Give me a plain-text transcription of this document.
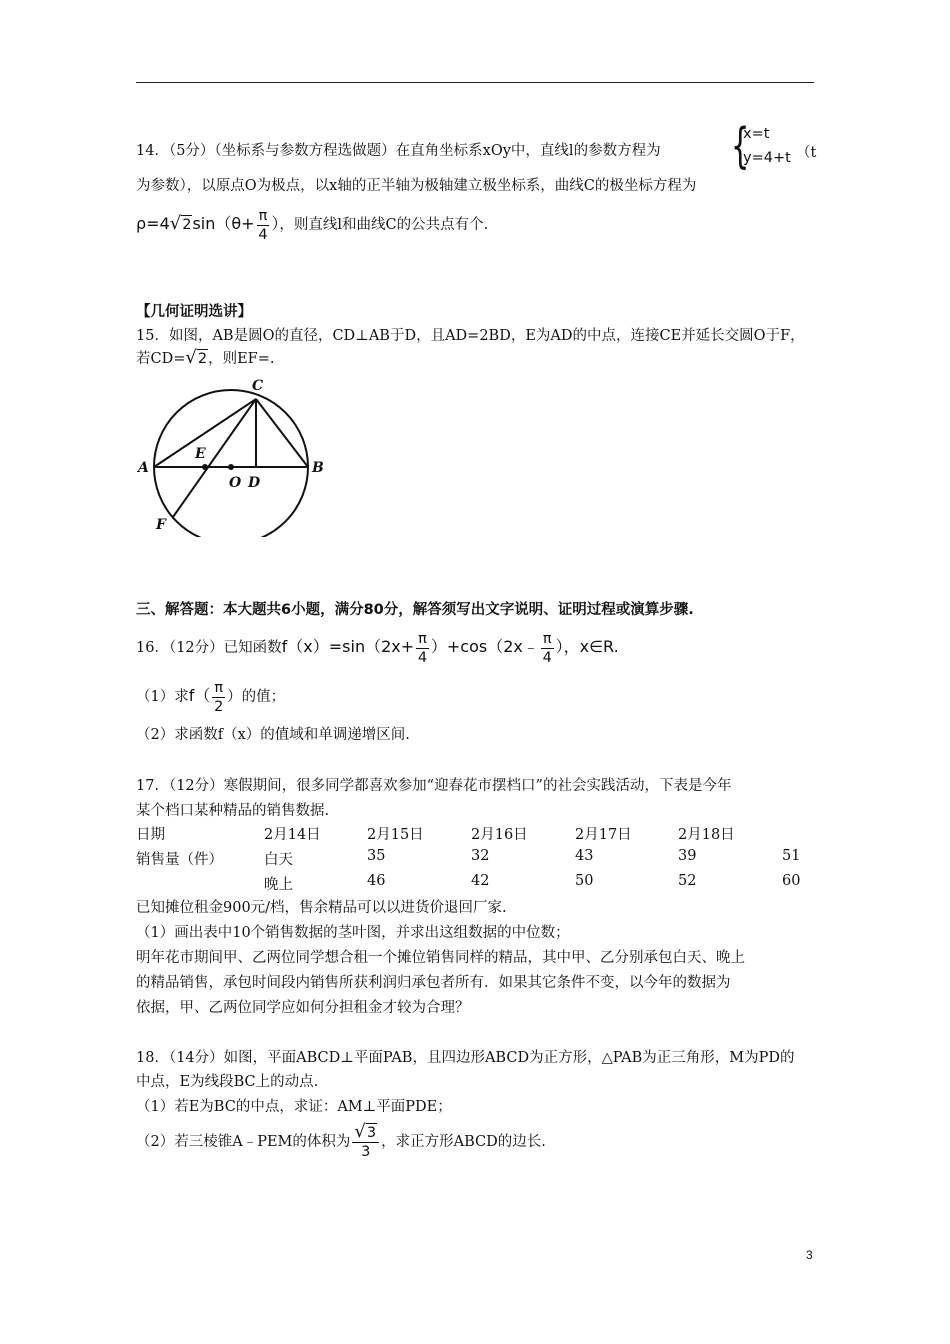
14．（5分）（坐标系与参数方程选做题）在直角坐标系xOy中，直线l的参数方程为 {
x=t
y=4+t （t
为参数），以原点O为极点，以x轴的正半轴为极轴建立极坐标系，曲线C的极坐标方程为
$\rho=4√2\sin(\theta+ \frac{\pi}{4}$ ），则直线l和曲线C的公共点有个.
【几何证明选讲】
15．如图，AB是圆O的直径，CD⊥AB于D，且AD=2BD，E为AD的中点，连接CE并延长交圆O于F，
若CD=√2，则EF=.
C
A	B
E
O D
F
三、解答题：本大题共6小题，满分80分，解答须写出文字说明、证明过程或演算步骤.
16．（12分）已知函数$f(x)=\sin(2x+ \frac{\pi}{4}$ ）+cos（2x﹣ $\frac{\pi}{4}$ ），x∈R.
（1）求$f( \frac{\pi}{2}$ ）的值；
（2）求函数f（x）的值域和单调递增区间.
17．（12分）寒假期间，很多同学都喜欢参加“迎春花市摆档口”的社会实践活动，下表是今年
某个档口某种精品的销售数据.
日期	2月14日	2月15日	2月16日	2月17日	2月18日
销售量（件）	白天	35	32	43	39	51
晚上	46	42	50	52	60
已知摊位租金900元/档，售余精品可以以进货价退回厂家.
（1）画出表中10个销售数据的茎叶图，并求出这组数据的中位数；
明年花市期间甲、乙两位同学想合租一个摊位销售同样的精品，其中甲、乙分别承包白天、晚上
的精品销售，承包时间段内销售所获利润归承包者所有．如果其它条件不变，以今年的数据为
依据，甲、乙两位同学应如何分担租金才较为合理？
18．（14分）如图，平面ABCD⊥平面PAB，且四边形ABCD为正方形，△PAB为正三角形，M为PD的
中点，E为线段BC上的动点.
（1）若E为BC的中点，求证：AM⊥平面PDE；
（2）若三棱锥A﹣PEM的体积为 $\frac{√3}{3}$ ，求正方形ABCD的边长.
3
